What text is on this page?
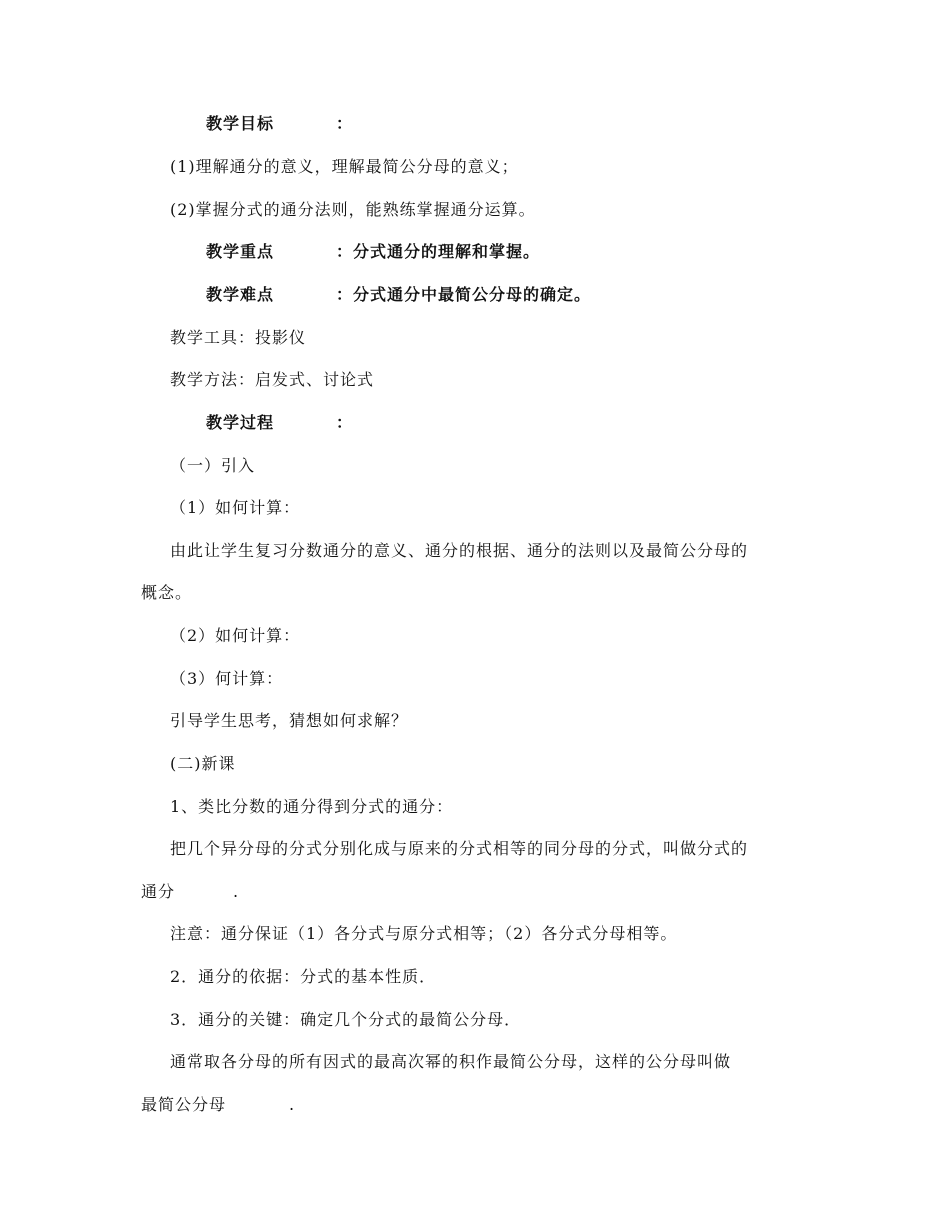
教学目标	：
(1)理解通分的意义，理解最简公分母的意义；
(2)掌握分式的通分法则，能熟练掌握通分运算。
教学重点	：分式通分的理解和掌握。
教学难点	：分式通分中最简公分母的确定。
教学工具：投影仪
教学方法：启发式、讨论式
教学过程	：
（一）引入
（1）如何计算：
由此让学生复习分数通分的意义、通分的根据、通分的法则以及最简公分母的
概念。
（2）如何计算：
（3）何计算：
引导学生思考，猜想如何求解？
(二)新课
1、类比分数的通分得到分式的通分：
把几个异分母的分式分别化成与原来的分式相等的同分母的分式，叫做分式的
通分	.
注意：通分保证（1）各分式与原分式相等；（2）各分式分母相等。
2．通分的依据：分式的基本性质．
3．通分的关键：确定几个分式的最简公分母．
通常取各分母的所有因式的最高次幂的积作最简公分母，这样的公分母叫做
最简公分母	.
